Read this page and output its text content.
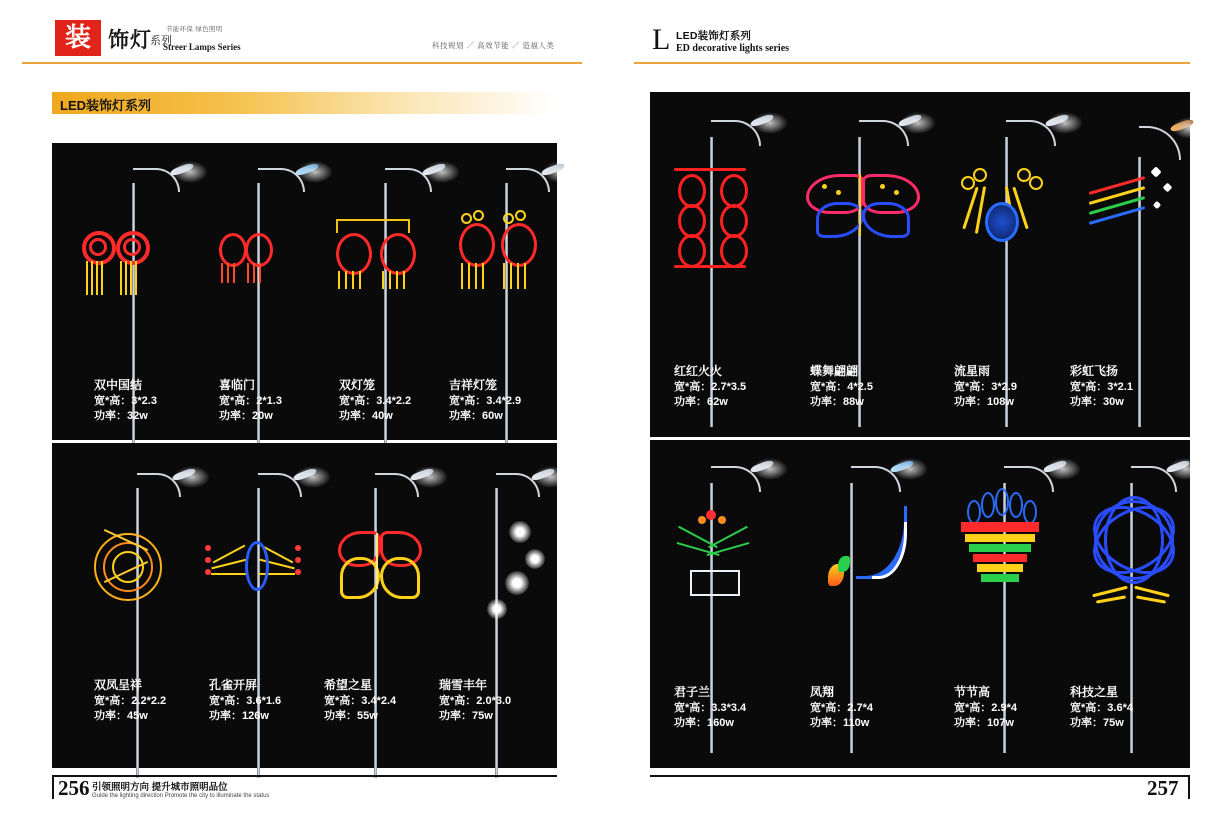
装 饰灯
系列
节能环保 绿色照明
Streer Lamps Series	科技规划 ／ 高效节能 ／ 造福人类
LED装饰灯系列
双中国结
宽*高：3*2.3
功率：32w
喜临门
宽*高：2*1.3
功率：20w
双灯笼
宽*高：3.4*2.2
功率：40w
吉祥灯笼
宽*高：3.4*2.9
功率：60w
双凤呈祥
宽*高：2.2*2.2
功率：45w
孔雀开屏
宽*高：3.6*1.6
功率：126w
希望之星
宽*高：3.4*2.4
功率：55w
瑞雪丰年
宽*高：2.0*3.0
功率：75w
256 引领照明方向 提升城市照明品位
Guide the lighting direction Promote the city to illuminate the status
L LED装饰灯系列
ED decorative lights series
红红火火
宽*高：2.7*3.5
功率：62w
蝶舞翩翩
宽*高：4*2.5
功率：88w
流星雨
宽*高：3*2.9
功率：108w
彩虹飞扬
宽*高：3*2.1
功率：30w
君子兰
宽*高：3.3*3.4
功率：160w
凤翔
宽*高：2.7*4
功率：110w
节节高
宽*高：2.9*4
功率：107w
科技之星
宽*高：3.6*4
功率：75w
257
